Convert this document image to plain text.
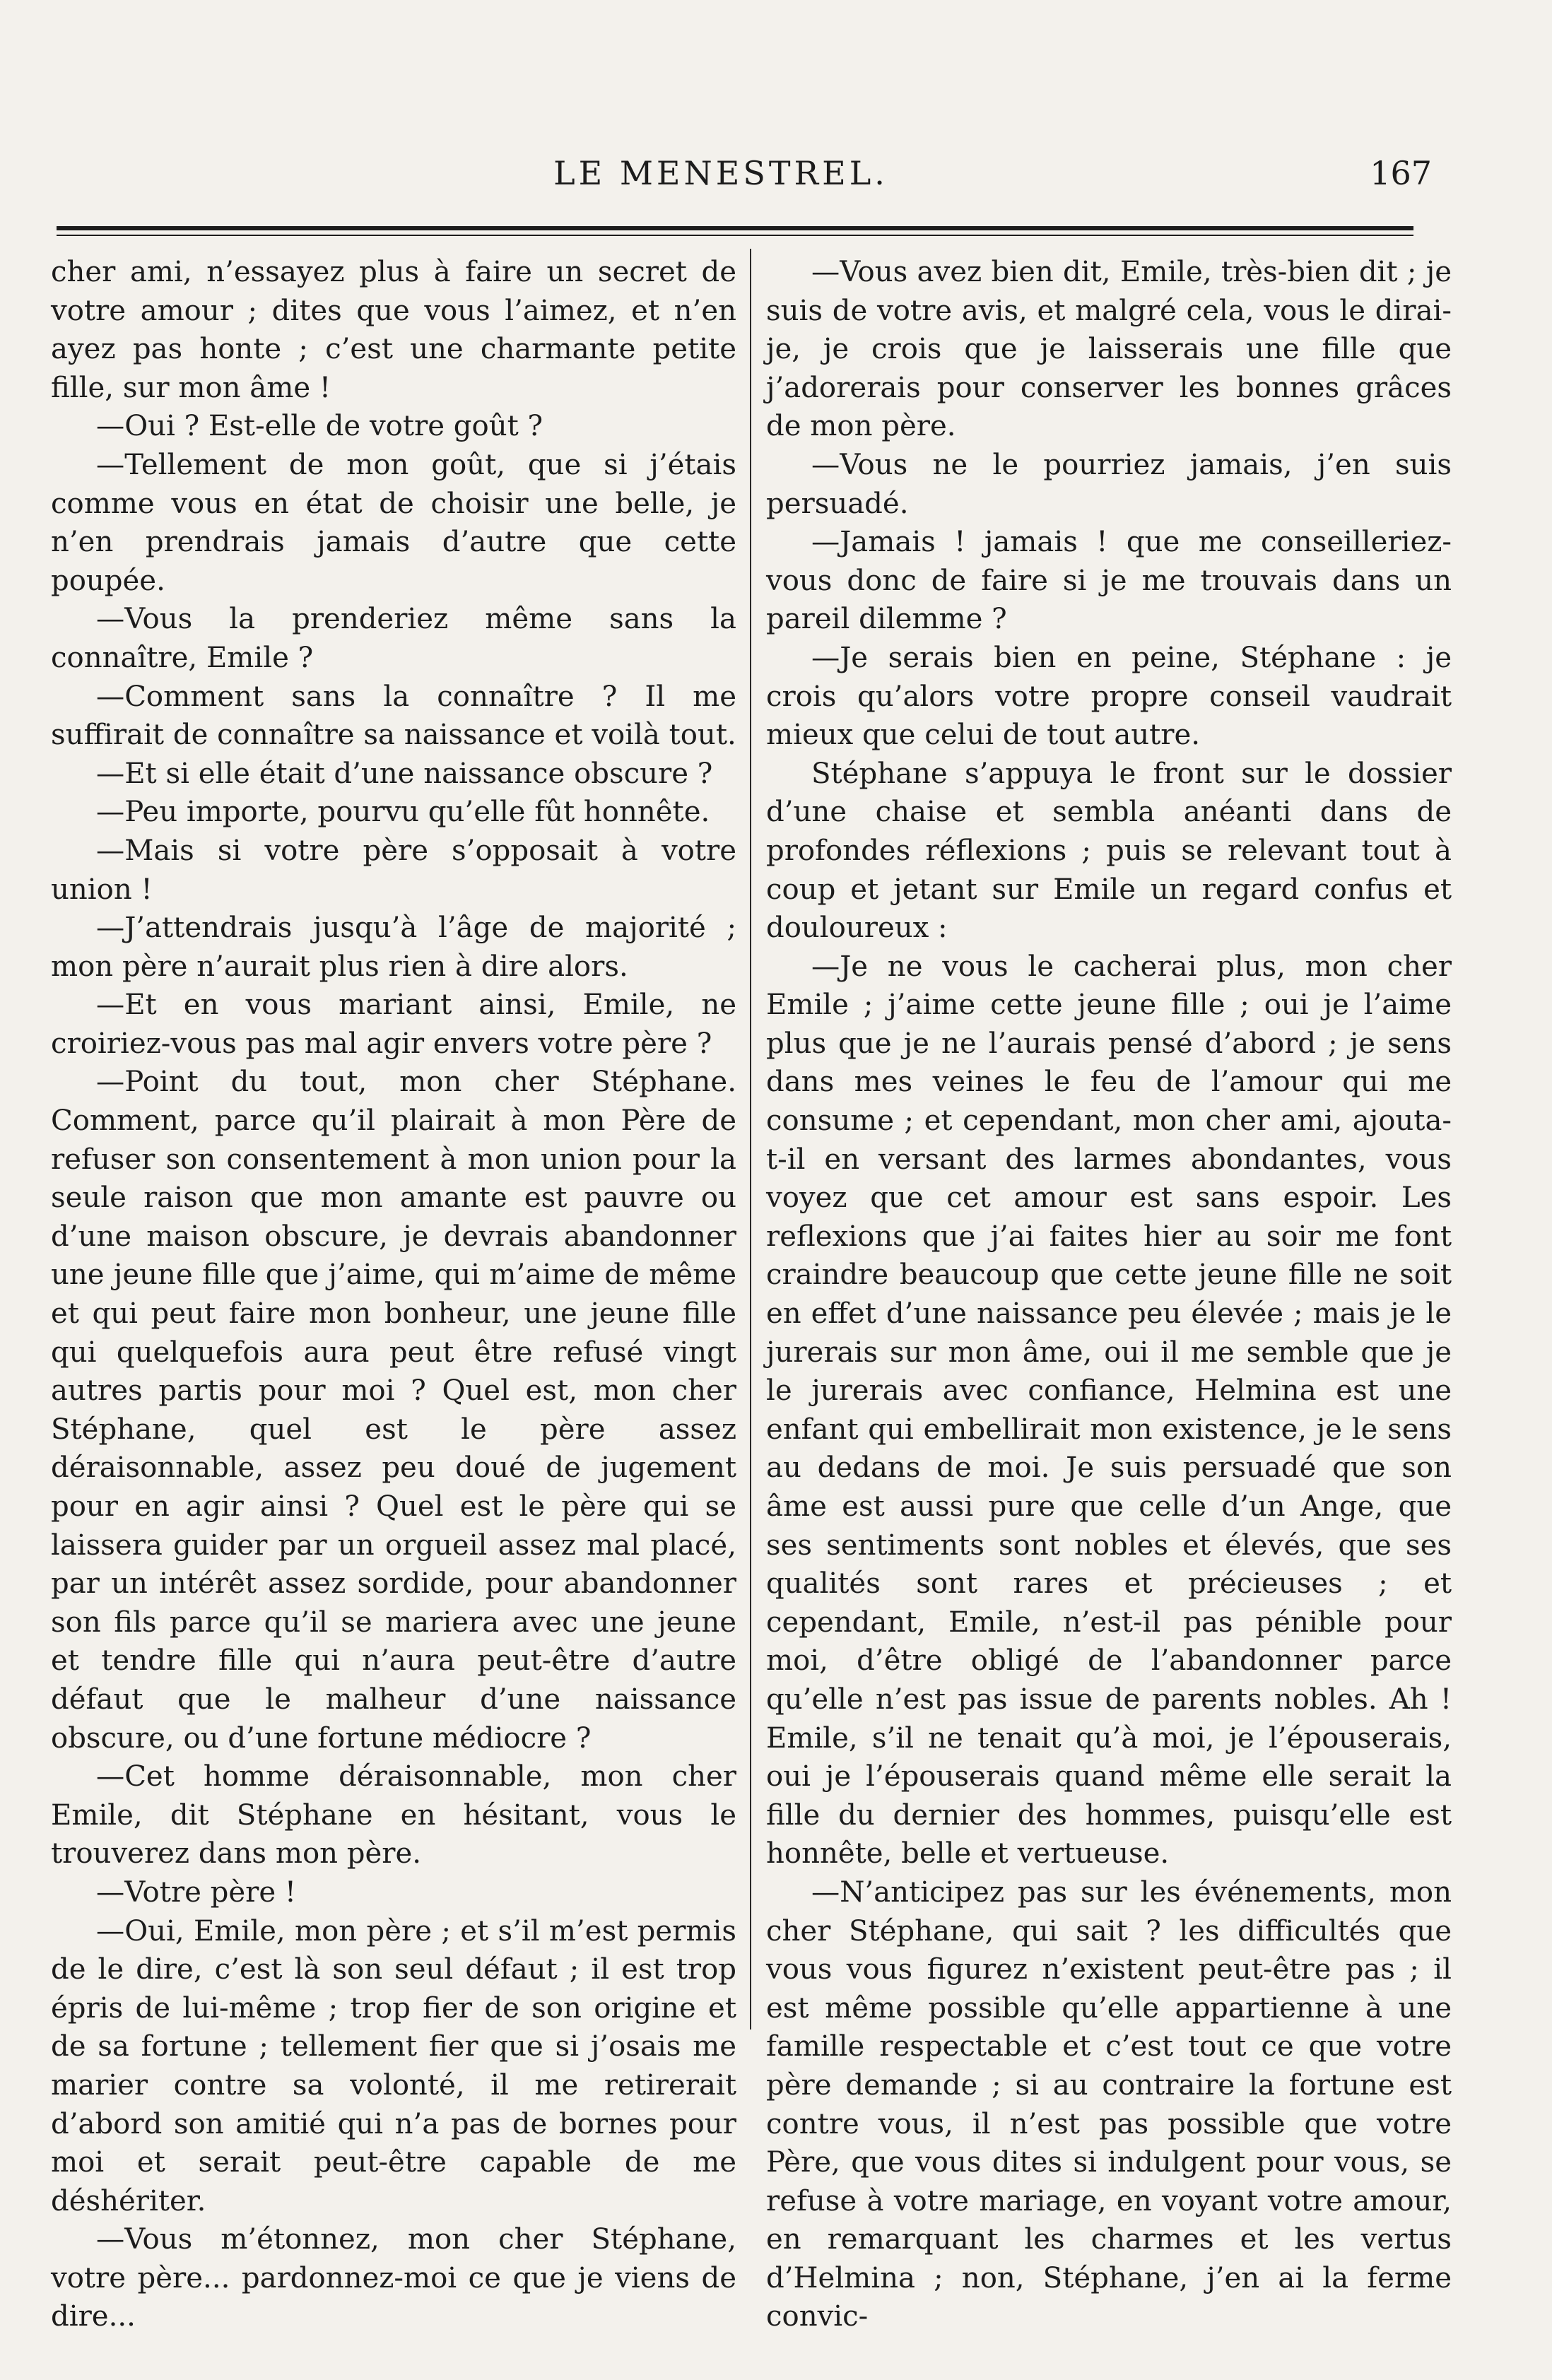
LE MENESTREL.	167

cher ami, n’essayez plus à faire un secret de votre amour ; dites que vous l’aimez, et n’en ayez pas honte ; c’est une charmante petite fille, sur mon âme !

—Oui ? Est-elle de votre goût ?

—Tellement de mon goût, que si j’étais comme vous en état de choisir une belle, je n’en prendrais jamais d’autre que cette poupée.

—Vous la prenderiez même sans la connaître, Emile ?

—Comment sans la connaître ? Il me suffirait de connaître sa naissance et voilà tout.

—Et si elle était d’une naissance obscure ?

—Peu importe, pourvu qu’elle fût honnête.

—Mais si votre père s’opposait à votre union !

—J’attendrais jusqu’à l’âge de majorité ; mon père n’aurait plus rien à dire alors.

—Et en vous mariant ainsi, Emile, ne croiriez-vous pas mal agir envers votre père ?

—Point du tout, mon cher Stéphane. Comment, parce qu’il plairait à mon Père de refuser son consentement à mon union pour la seule raison que mon amante est pauvre ou d’une maison obscure, je devrais abandonner une jeune fille que j’aime, qui m’aime de même et qui peut faire mon bonheur, une jeune fille qui quelquefois aura peut être refusé vingt autres partis pour moi ? Quel est, mon cher Stéphane, quel est le père assez déraisonnable, assez peu doué de jugement pour en agir ainsi ? Quel est le père qui se laissera guider par un orgueil assez mal placé, par un intérêt assez sordide, pour abandonner son fils parce qu’il se mariera avec une jeune et tendre fille qui n’aura peut-être d’autre défaut que le malheur d’une naissance obscure, ou d’une fortune médiocre ?

—Cet homme déraisonnable, mon cher Emile, dit Stéphane en hésitant, vous le trouverez dans mon père.

—Votre père !

—Oui, Emile, mon père ; et s’il m’est permis de le dire, c’est là son seul défaut ; il est trop épris de lui-même ; trop fier de son origine et de sa fortune ; tellement fier que si j’osais me marier contre sa volonté, il me retirerait d’abord son amitié qui n’a pas de bornes pour moi et serait peut-être capable de me déshériter.

—Vous m’étonnez, mon cher Stéphane, votre père... pardonnez-moi ce que je viens de dire...

—Vous avez bien dit, Emile, très-bien dit ; je suis de votre avis, et malgré cela, vous le dirai-je, je crois que je laisserais une fille que j’adorerais pour conserver les bonnes grâces de mon père.

—Vous ne le pourriez jamais, j’en suis persuadé.

—Jamais ! jamais ! que me conseilleriez-vous donc de faire si je me trouvais dans un pareil dilemme ?

—Je serais bien en peine, Stéphane : je crois qu’alors votre propre conseil vaudrait mieux que celui de tout autre.

Stéphane s’appuya le front sur le dossier d’une chaise et sembla anéanti dans de profondes réflexions ; puis se relevant tout à coup et jetant sur Emile un regard confus et douloureux :

—Je ne vous le cacherai plus, mon cher Emile ; j’aime cette jeune fille ; oui je l’aime plus que je ne l’aurais pensé d’abord ; je sens dans mes veines le feu de l’amour qui me consume ; et cependant, mon cher ami, ajouta-t-il en versant des larmes abondantes, vous voyez que cet amour est sans espoir. Les reflexions que j’ai faites hier au soir me font craindre beaucoup que cette jeune fille ne soit en effet d’une naissance peu élevée ; mais je le jurerais sur mon âme, oui il me semble que je le jurerais avec confiance, Helmina est une enfant qui embellirait mon existence, je le sens au dedans de moi. Je suis persuadé que son âme est aussi pure que celle d’un Ange, que ses sentiments sont nobles et élevés, que ses qualités sont rares et précieuses ; et cependant, Emile, n’est-il pas pénible pour moi, d’être obligé de l’abandonner parce qu’elle n’est pas issue de parents nobles. Ah ! Emile, s’il ne tenait qu’à moi, je l’épouserais, oui je l’épouserais quand même elle serait la fille du dernier des hommes, puisqu’elle est honnête, belle et vertueuse.

—N’anticipez pas sur les événements, mon cher Stéphane, qui sait ? les difficultés que vous vous figurez n’existent peut-être pas ; il est même possible qu’elle appartienne à une famille respectable et c’est tout ce que votre père demande ; si au contraire la fortune est contre vous, il n’est pas possible que votre Père, que vous dites si indulgent pour vous, se refuse à votre mariage, en voyant votre amour, en remarquant les charmes et les vertus d’Helmina ; non, Stéphane, j’en ai la ferme convic-
